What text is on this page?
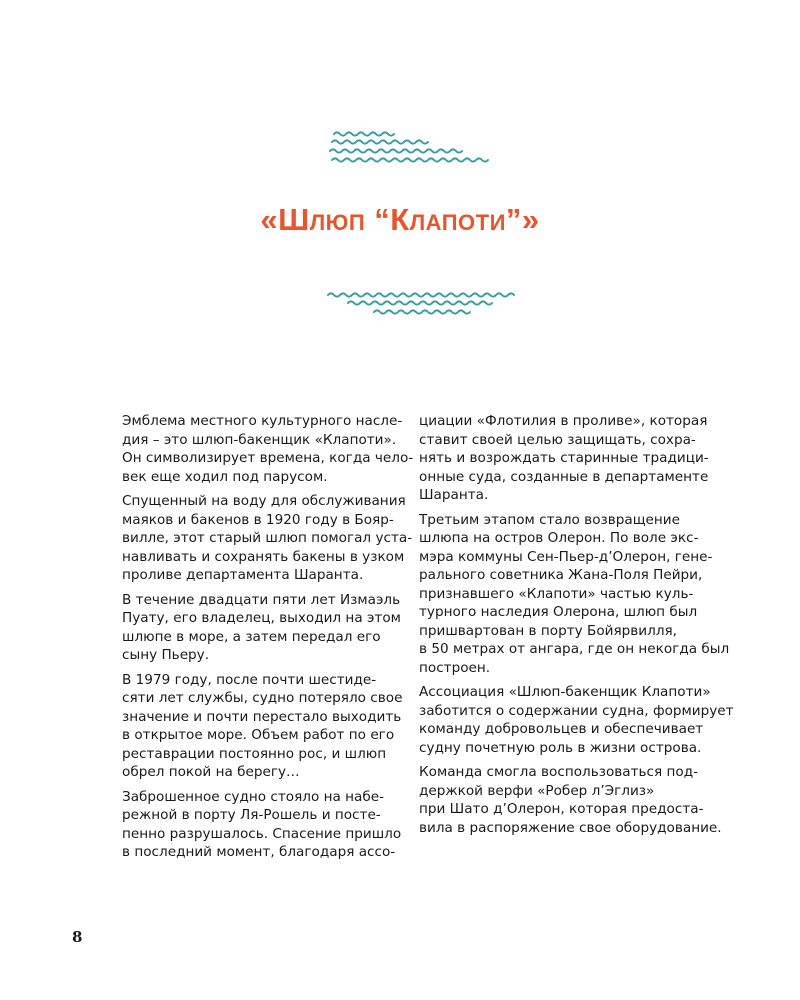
«Шлюп “Клапоти”»

Эмблема местного культурного насле-
дия – это шлюп-бакенщик «Клапоти».
Он символизирует времена, когда чело-
век еще ходил под парусом.

Спущенный на воду для обслуживания
маяков и бакенов в 1920 году в Бояр-
вилле, этот старый шлюп помогал уста-
навливать и сохранять бакены в узком
проливе департамента Шаранта.

В течение двадцати пяти лет Измаэль
Пуату, его владелец, выходил на этом
шлюпе в море, а затем передал его
сыну Пьеру.

В 1979 году, после почти шестиде-
сяти лет службы, судно потеряло свое
значение и почти перестало выходить
в открытое море. Объем работ по его
реставрации постоянно рос, и шлюп
обрел покой на берегу…

Заброшенное судно стояло на набе-
режной в порту Ля-Рошель и посте-
пенно разрушалось. Спасение пришло
в последний момент, благодаря ассо-

циации «Флотилия в проливе», которая
ставит своей целью защищать, сохра-
нять и возрождать старинные традици-
онные суда, созданные в департаменте
Шаранта.

Третьим этапом стало возвращение
шлюпа на остров Олерон. По воле экс-
мэра коммуны Сен-Пьер-д’Олерон, гене-
рального советника Жана-Поля Пейри,
признавшего «Клапоти» частью куль-
турного наследия Олерона, шлюп был
пришвартован в порту Бойярвилля,
в 50 метрах от ангара, где он некогда был
построен.

Ассоциация «Шлюп-бакенщик Клапоти»
заботится о содержании судна, формирует
команду добровольцев и обеспечивает
судну почетную роль в жизни острова.

Команда смогла воспользоваться под-
держкой верфи «Робер л’Эглиз»
при Шато д’Олерон, которая предоста-
вила в распоряжение свое оборудование.

8
